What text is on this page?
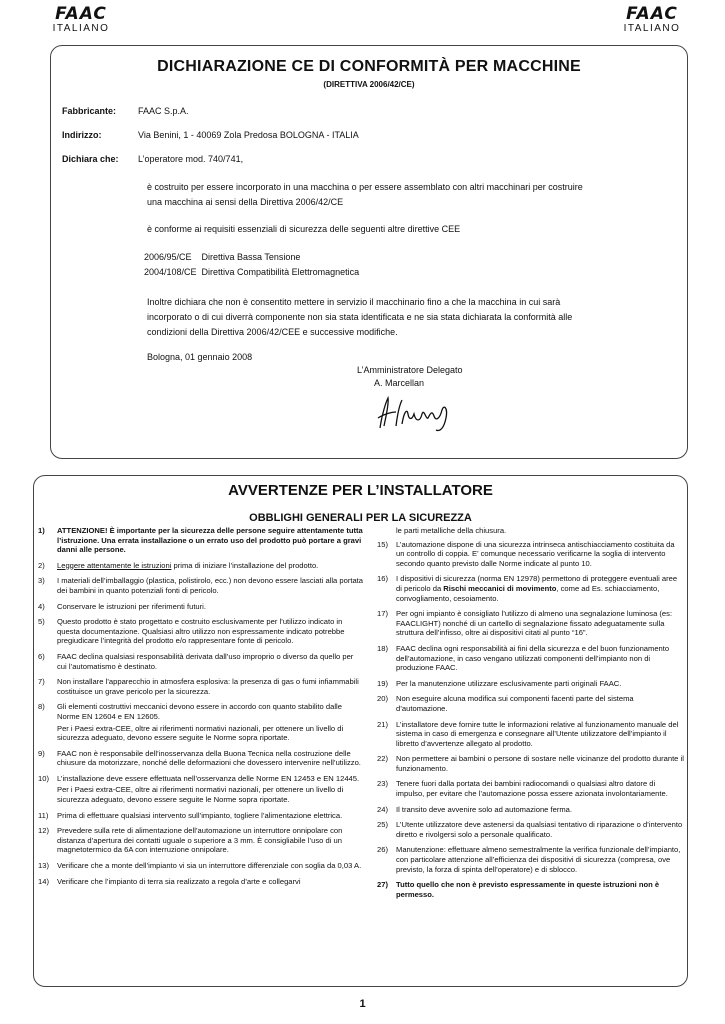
FAAC
ITALIANO
FAAC
ITALIANO
DICHIARAZIONE CE DI CONFORMITÀ PER MACCHINE
(DIRETTIVA 2006/42/CE)
Fabbricante: FAAC S.p.A.
Indirizzo:	Via Benini, 1 - 40069 Zola Predosa BOLOGNA - ITALIA
Dichiara che: L’operatore mod. 740/741,
è costruito per essere incorporato in una macchina o per essere assemblato con altri macchinari per costruire
una macchina ai sensi della Direttiva 2006/42/CE
è conforme ai requisiti essenziali di sicurezza delle seguenti altre direttive CEE
2006/95/CE    Direttiva Bassa Tensione
2004/108/CE  Direttiva Compatibilità Elettromagnetica
Inoltre dichiara che non è consentito mettere in servizio il macchinario fino a che la macchina in cui sarà
incorporato o di cui diverrà componente non sia stata identificata e ne sia stata dichiarata la conformità alle
condizioni della Direttiva 2006/42/CEE e successive modifiche.
Bologna, 01 gennaio 2008
L’Amministratore Delegato
A. Marcellan
AVVERTENZE PER L’INSTALLATORE
OBBLIGHI GENERALI PER LA SICUREZZA
1)	ATTENZIONE! È importante per la sicurezza delle persone seguire attentamente tutta l’istruzione. Una errata installazione o un errato uso del prodotto può portare a gravi danni alle persone.
2)	Leggere attentamente le istruzioni prima di iniziare l’installazione del prodotto.
3)	I materiali dell’imballaggio (plastica, polistirolo, ecc.) non devono essere lasciati alla portata dei bambini in quanto potenziali fonti di pericolo.
4)	Conservare le istruzioni per riferimenti futuri.
5)	Questo prodotto è stato progettato e costruito esclusivamente per l’utilizzo indicato in questa documentazione. Qualsiasi altro utilizzo non espressamente indicato potrebbe pregiudicare l’integrità del prodotto e/o rappresentare fonte di pericolo.
6)	FAAC declina qualsiasi responsabilità derivata dall’uso improprio o diverso da quello per cui l’automatismo è destinato.
7)	Non installare l’apparecchio in atmosfera esplosiva: la presenza di gas o fumi infiammabili costituisce un grave pericolo per la sicurezza.
8)	Gli elementi costruttivi meccanici devono essere in accordo con quanto stabilito dalle Norme EN 12604 e EN 12605.
Per i Paesi extra-CEE, oltre ai riferimenti normativi nazionali, per ottenere un livello di sicurezza adeguato, devono essere seguite le Norme sopra riportate.
9)	FAAC non è responsabile dell’inosservanza della Buona Tecnica nella costruzione delle chiusure da motorizzare, nonché delle deformazioni che dovessero intervenire nell’utilizzo.
10)	L’installazione deve essere effettuata nell’osservanza delle Norme EN 12453 e EN 12445.
Per i Paesi extra-CEE, oltre ai riferimenti normativi nazionali, per ottenere un livello di sicurezza adeguato, devono essere seguite le Norme sopra riportate.
11)	Prima di effettuare qualsiasi intervento sull’impianto, togliere l’alimentazione elettrica.
12)	Prevedere sulla rete di alimentazione dell’automazione un interruttore onnipolare con distanza d’apertura dei contatti uguale o superiore a 3 mm. È consigliabile l’uso di un magnetotermico da 6A con interruzione onnipolare.
13)	Verificare che a monte dell’impianto vi sia un interruttore differenziale con soglia da 0,03 A.
14)	Verificare che l’impianto di terra sia realizzato a regola d’arte e collegarvi
le parti metalliche della chiusura.
15)	L’automazione dispone di una sicurezza intrinseca antischiacciamento costituita da un controllo di coppia. E’ comunque necessario verificarne la soglia di intervento secondo quanto previsto dalle Norme indicate al punto 10.
16)	I dispositivi di sicurezza (norma EN 12978) permettono di proteggere eventuali aree di pericolo da Rischi meccanici di movimento, come ad Es. schiacciamento, convogliamento, cesoiamento.
17)	Per ogni impianto è consigliato l’utilizzo di almeno una segnalazione luminosa (es: FAACLIGHT) nonché di un cartello di segnalazione fissato adeguatamente sulla struttura dell’infisso, oltre ai dispositivi citati al punto “16”.
18)	FAAC declina ogni responsabilità ai fini della sicurezza e del buon funzionamento dell’automazione, in caso vengano utilizzati componenti dell’impianto non di produzione FAAC.
19)	Per la manutenzione utilizzare esclusivamente parti originali FAAC.
20)	Non eseguire alcuna modifica sui componenti facenti parte del sistema d’automazione.
21)	L’installatore deve fornire tutte le informazioni relative al funzionamento manuale del sistema in caso di emergenza e consegnare all’Utente utilizzatore dell’impianto il libretto d’avvertenze allegato al prodotto.
22)	Non permettere ai bambini o persone di sostare nelle vicinanze del prodotto durante il funzionamento.
23)	Tenere fuori dalla portata dei bambini radiocomandi o qualsiasi altro datore di impulso, per evitare che l’automazione possa essere azionata involontariamente.
24)	Il transito deve avvenire solo ad automazione ferma.
25)	L’Utente utilizzatore deve astenersi da qualsiasi tentativo di riparazione o d’intervento diretto e rivolgersi solo a personale qualificato.
26)	Manutenzione: effettuare almeno semestralmente la verifica funzionale dell’impianto, con particolare attenzione all’efficienza dei dispositivi di sicurezza (compresa, ove previsto, la forza di spinta dell’operatore) e di sblocco.
27)	Tutto quello che non è previsto espressamente in queste istruzioni non è permesso.
1
